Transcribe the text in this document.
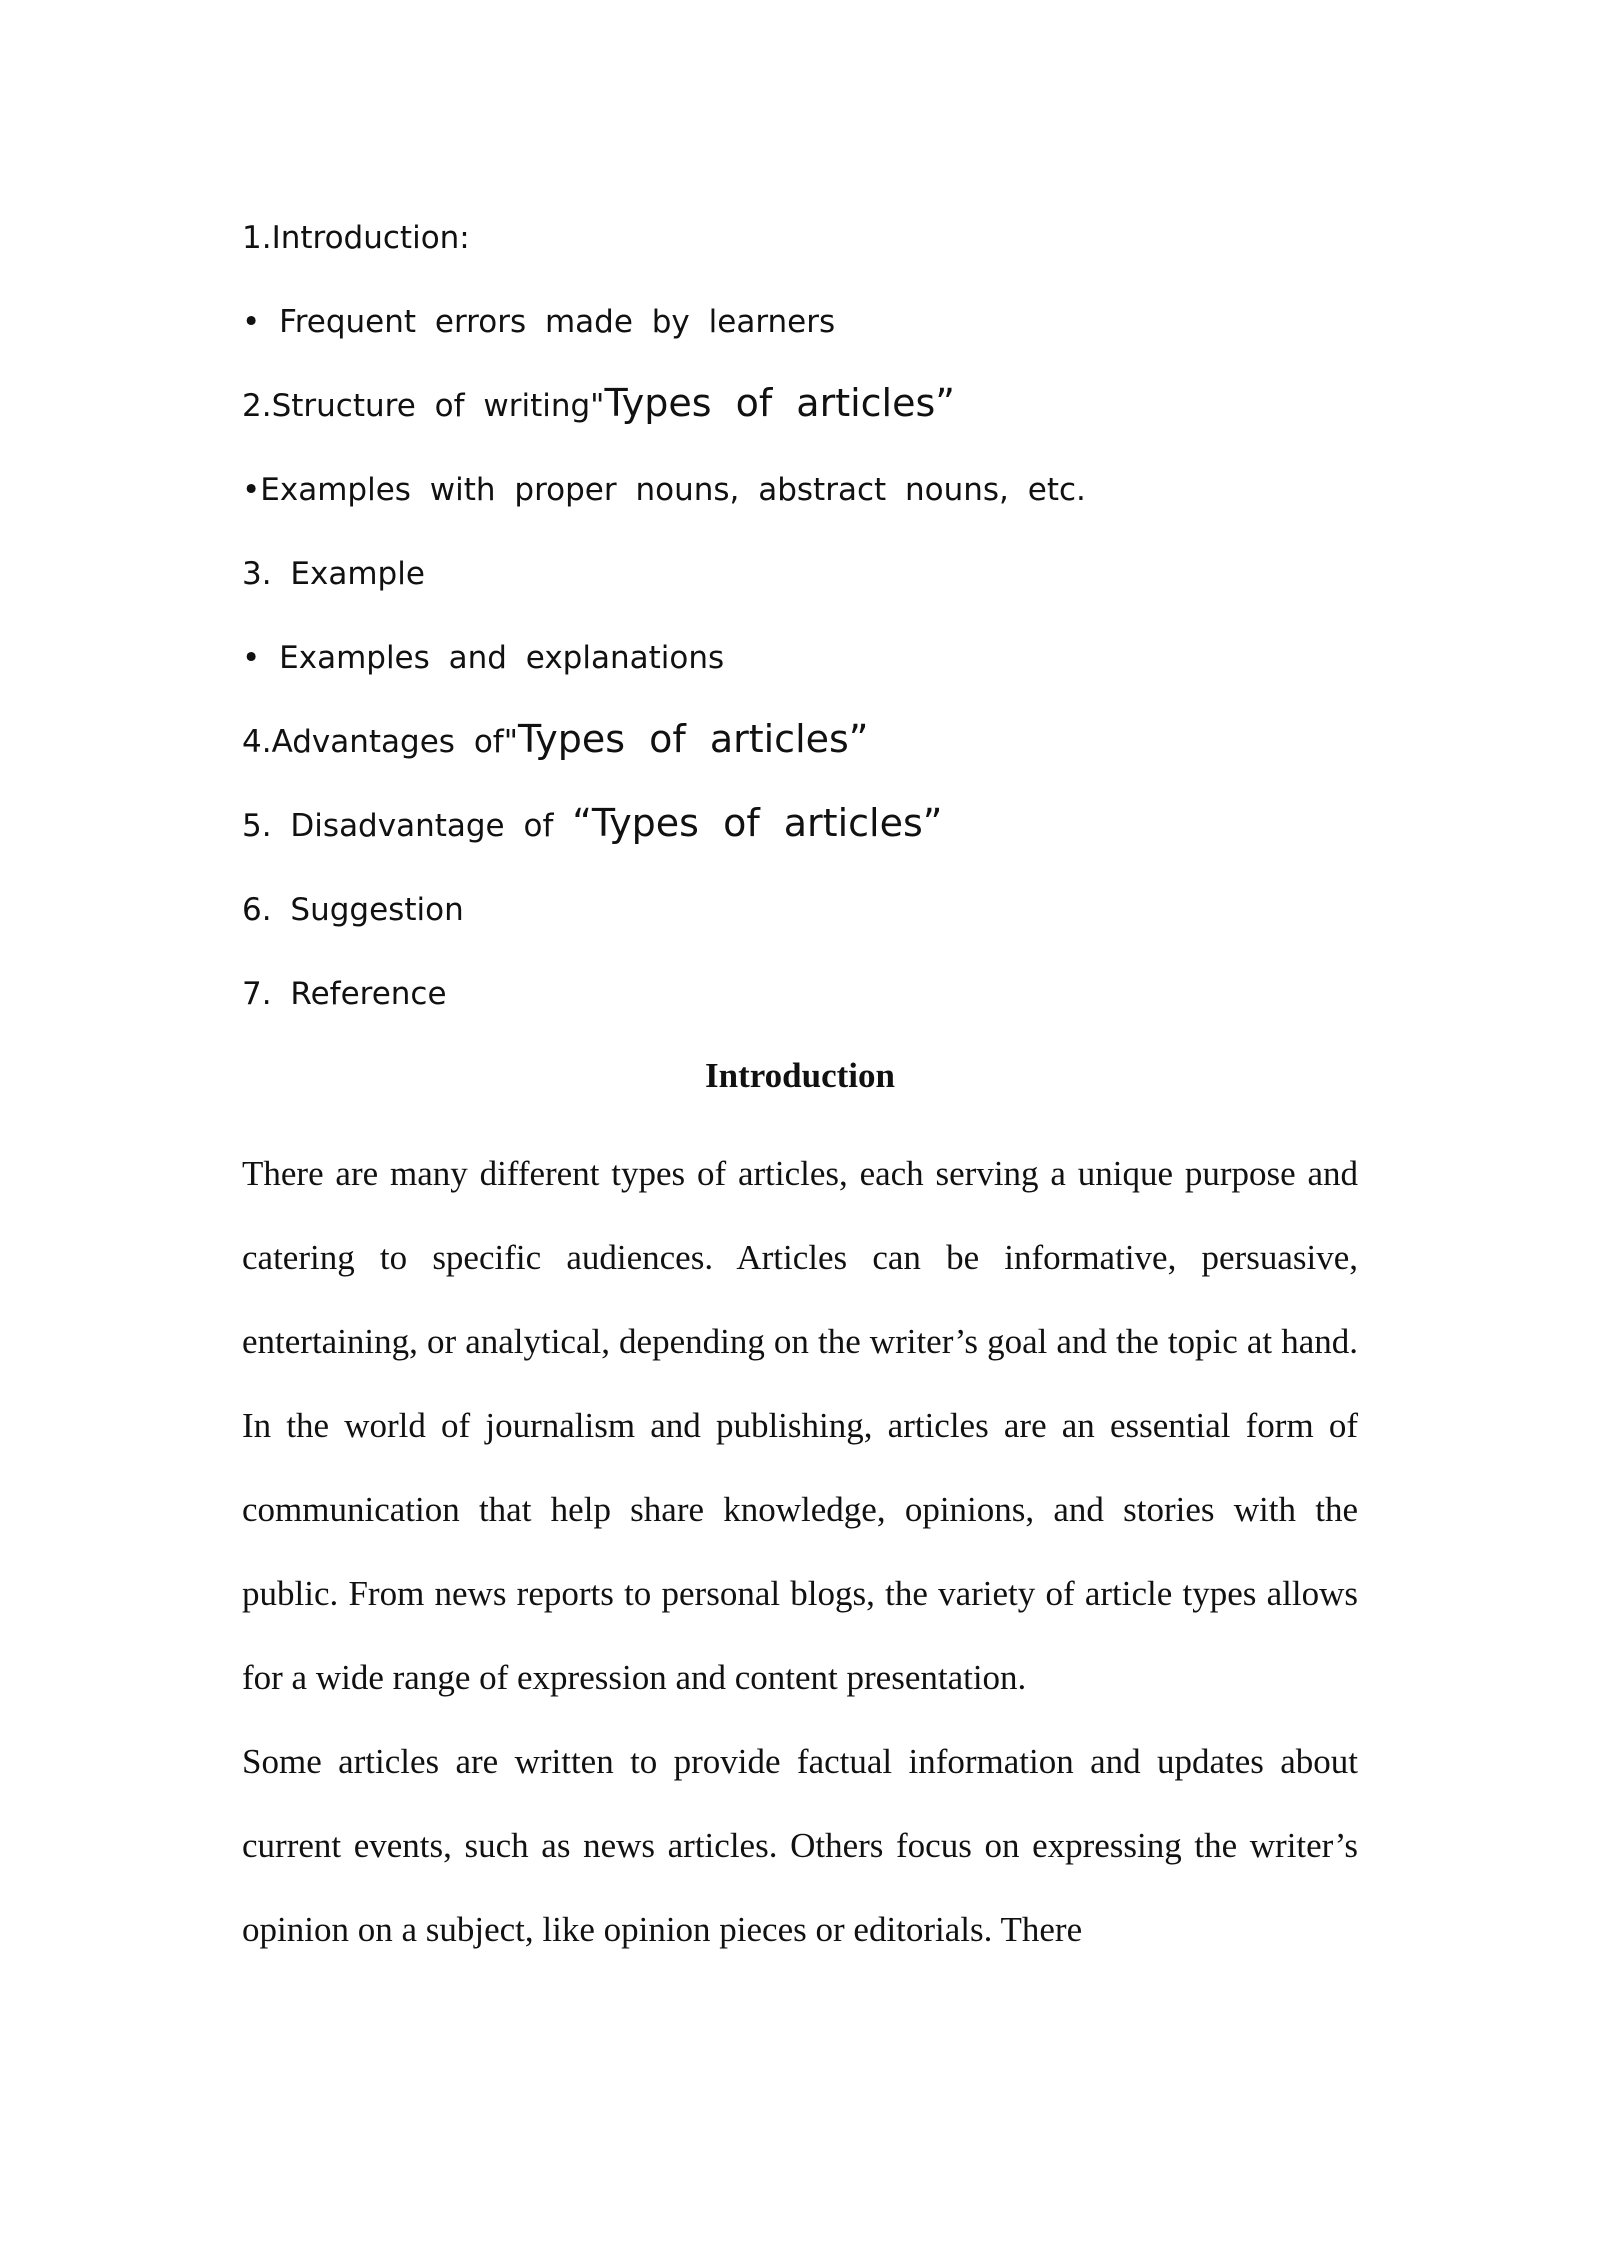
1.Introduction:
• Frequent errors made by learners
2.Structure of writing"Types of articles”
•Examples with proper nouns, abstract nouns, etc.
3. Example
• Examples and explanations
4.Advantages of"Types of articles”
5. Disadvantage of “Types of articles”
6. Suggestion
7. Reference
Introduction

There are many different types of articles, each serving a unique purpose and catering to specific audiences. Articles can be informative, persuasive, entertaining, or analytical, depending on the writer’s goal and the topic at hand. In the world of journalism and publishing, articles are an essential form of communication that help share knowledge, opinions, and stories with the public. From news reports to personal blogs, the variety of article types allows for a wide range of expression and content presentation.

Some articles are written to provide factual information and updates about current events, such as news articles. Others focus on expressing the writer’s opinion on a subject, like opinion pieces or editorials. There
